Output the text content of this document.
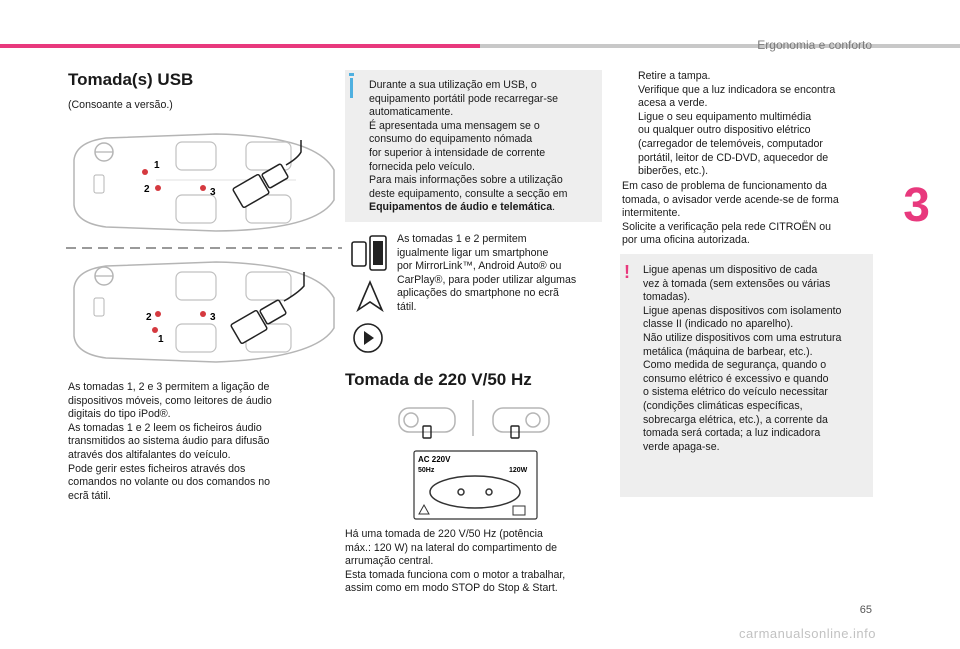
Ergonomia e conforto
3
Tomada(s) USB
(Consoante a versão.)
1
2	3
2
1
3
As tomadas 1, 2 e 3 permitem a ligação de
dispositivos móveis, como leitores de áudio
digitais do tipo iPod®.
As tomadas 1 e 2 leem os ficheiros áudio
transmitidos ao sistema áudio para difusão
através dos altifalantes do veículo.
Pode gerir estes ficheiros através dos
comandos no volante ou dos comandos no
ecrã tátil.
Durante a sua utilização em USB, o
equipamento portátil pode recarregar-se
automaticamente.
É apresentada uma mensagem se o
consumo do equipamento nómada
for superior à intensidade de corrente
fornecida pelo veículo.
Para mais informações sobre a utilização
deste equipamento, consulte a secção em
Equipamentos de áudio e telemática.
As tomadas 1 e 2 permitem
igualmente ligar um smartphone
por MirrorLink™, Android Auto® ou
CarPlay®, para poder utilizar algumas
aplicações do smartphone no ecrã
tátil.
Tomada de 220 V/50 Hz
AC 220V
50Hz	120W
Há uma tomada de 220 V/50 Hz (potência
máx.: 120 W) na lateral do compartimento de
arrumação central.
Esta tomada funciona com o motor a trabalhar,
assim como em modo STOP do Stop & Start.
Retire a tampa.
Verifique que a luz indicadora se encontra
acesa a verde.
Ligue o seu equipamento multimédia
ou qualquer outro dispositivo elétrico
(carregador de telemóveis, computador
portátil, leitor de CD-DVD, aquecedor de
biberões, etc.).
Em caso de problema de funcionamento da
tomada, o avisador verde acende-se de forma
intermitente.
Solicite a verificação pela rede CITROËN ou
por uma oficina autorizada.
! Ligue apenas um dispositivo de cada
vez à tomada (sem extensões ou várias
tomadas).
Ligue apenas dispositivos com isolamento
classe II (indicado no aparelho).
Não utilize dispositivos com uma estrutura
metálica (máquina de barbear, etc.).
Como medida de segurança, quando o
consumo elétrico é excessivo e quando
o sistema elétrico do veículo necessitar
(condições climáticas específicas,
sobrecarga elétrica, etc.), a corrente da
tomada será cortada; a luz indicadora
verde apaga-se.
65
carmanualsonline.info
